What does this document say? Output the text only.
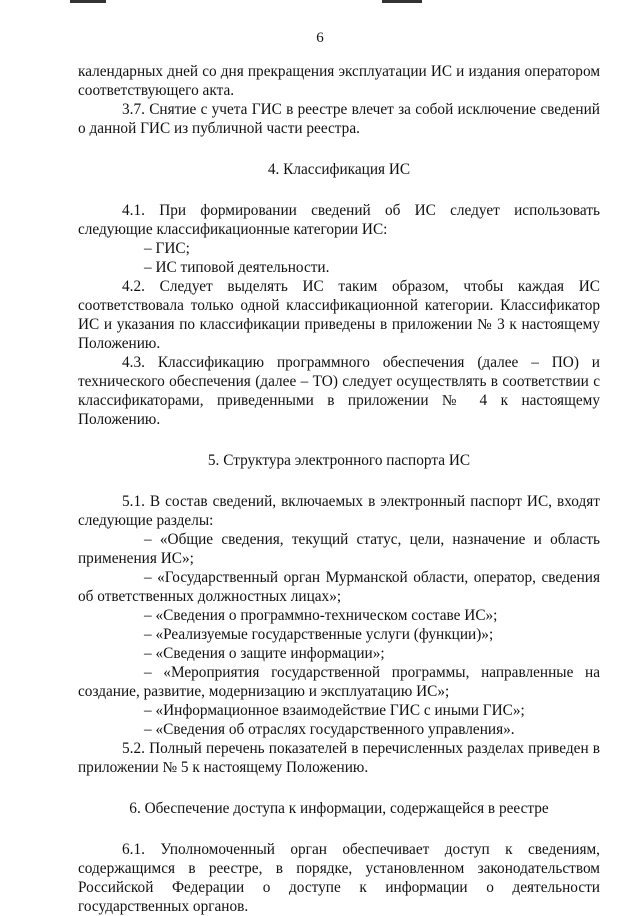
6

календарных дней со дня прекращения эксплуатации ИС и издания оператором соответствующего акта.

3.7. Снятие с учета ГИС в реестре влечет за собой исключение сведений о данной ГИС из публичной части реестра.

4. Классификация ИС

4.1. При формировании сведений об ИС следует использовать следующие классификационные категории ИС:

– ГИС;

– ИС типовой деятельности.

4.2. Следует выделять ИС таким образом, чтобы каждая ИС соответствовала только одной классификационной категории. Классификатор ИС и указания по классификации приведены в приложении № 3 к настоящему Положению.

4.3. Классификацию программного обеспечения (далее – ПО) и технического обеспечения (далее – ТО) следует осуществлять в соответствии с классификаторами, приведенными в приложении № 4 к настоящему Положению.

5. Структура электронного паспорта ИС

5.1. В состав сведений, включаемых в электронный паспорт ИС, входят следующие разделы:

– «Общие сведения, текущий статус, цели, назначение и область применения ИС»;

– «Государственный орган Мурманской области, оператор, сведения об ответственных должностных лицах»;

– «Сведения о программно-техническом составе ИС»;

– «Реализуемые государственные услуги (функции)»;

– «Сведения о защите информации»;

– «Мероприятия государственной программы, направленные на создание, развитие, модернизацию и эксплуатацию ИС»;

– «Информационное взаимодействие ГИС с иными ГИС»;

– «Сведения об отраслях государственного управления».

5.2. Полный перечень показателей в перечисленных разделах приведен в приложении № 5 к настоящему Положению.

6. Обеспечение доступа к информации, содержащейся в реестре

6.1. Уполномоченный орган обеспечивает доступ к сведениям, содержащимся в реестре, в порядке, установленном законодательством Российской Федерации о доступе к информации о деятельности государственных органов.
